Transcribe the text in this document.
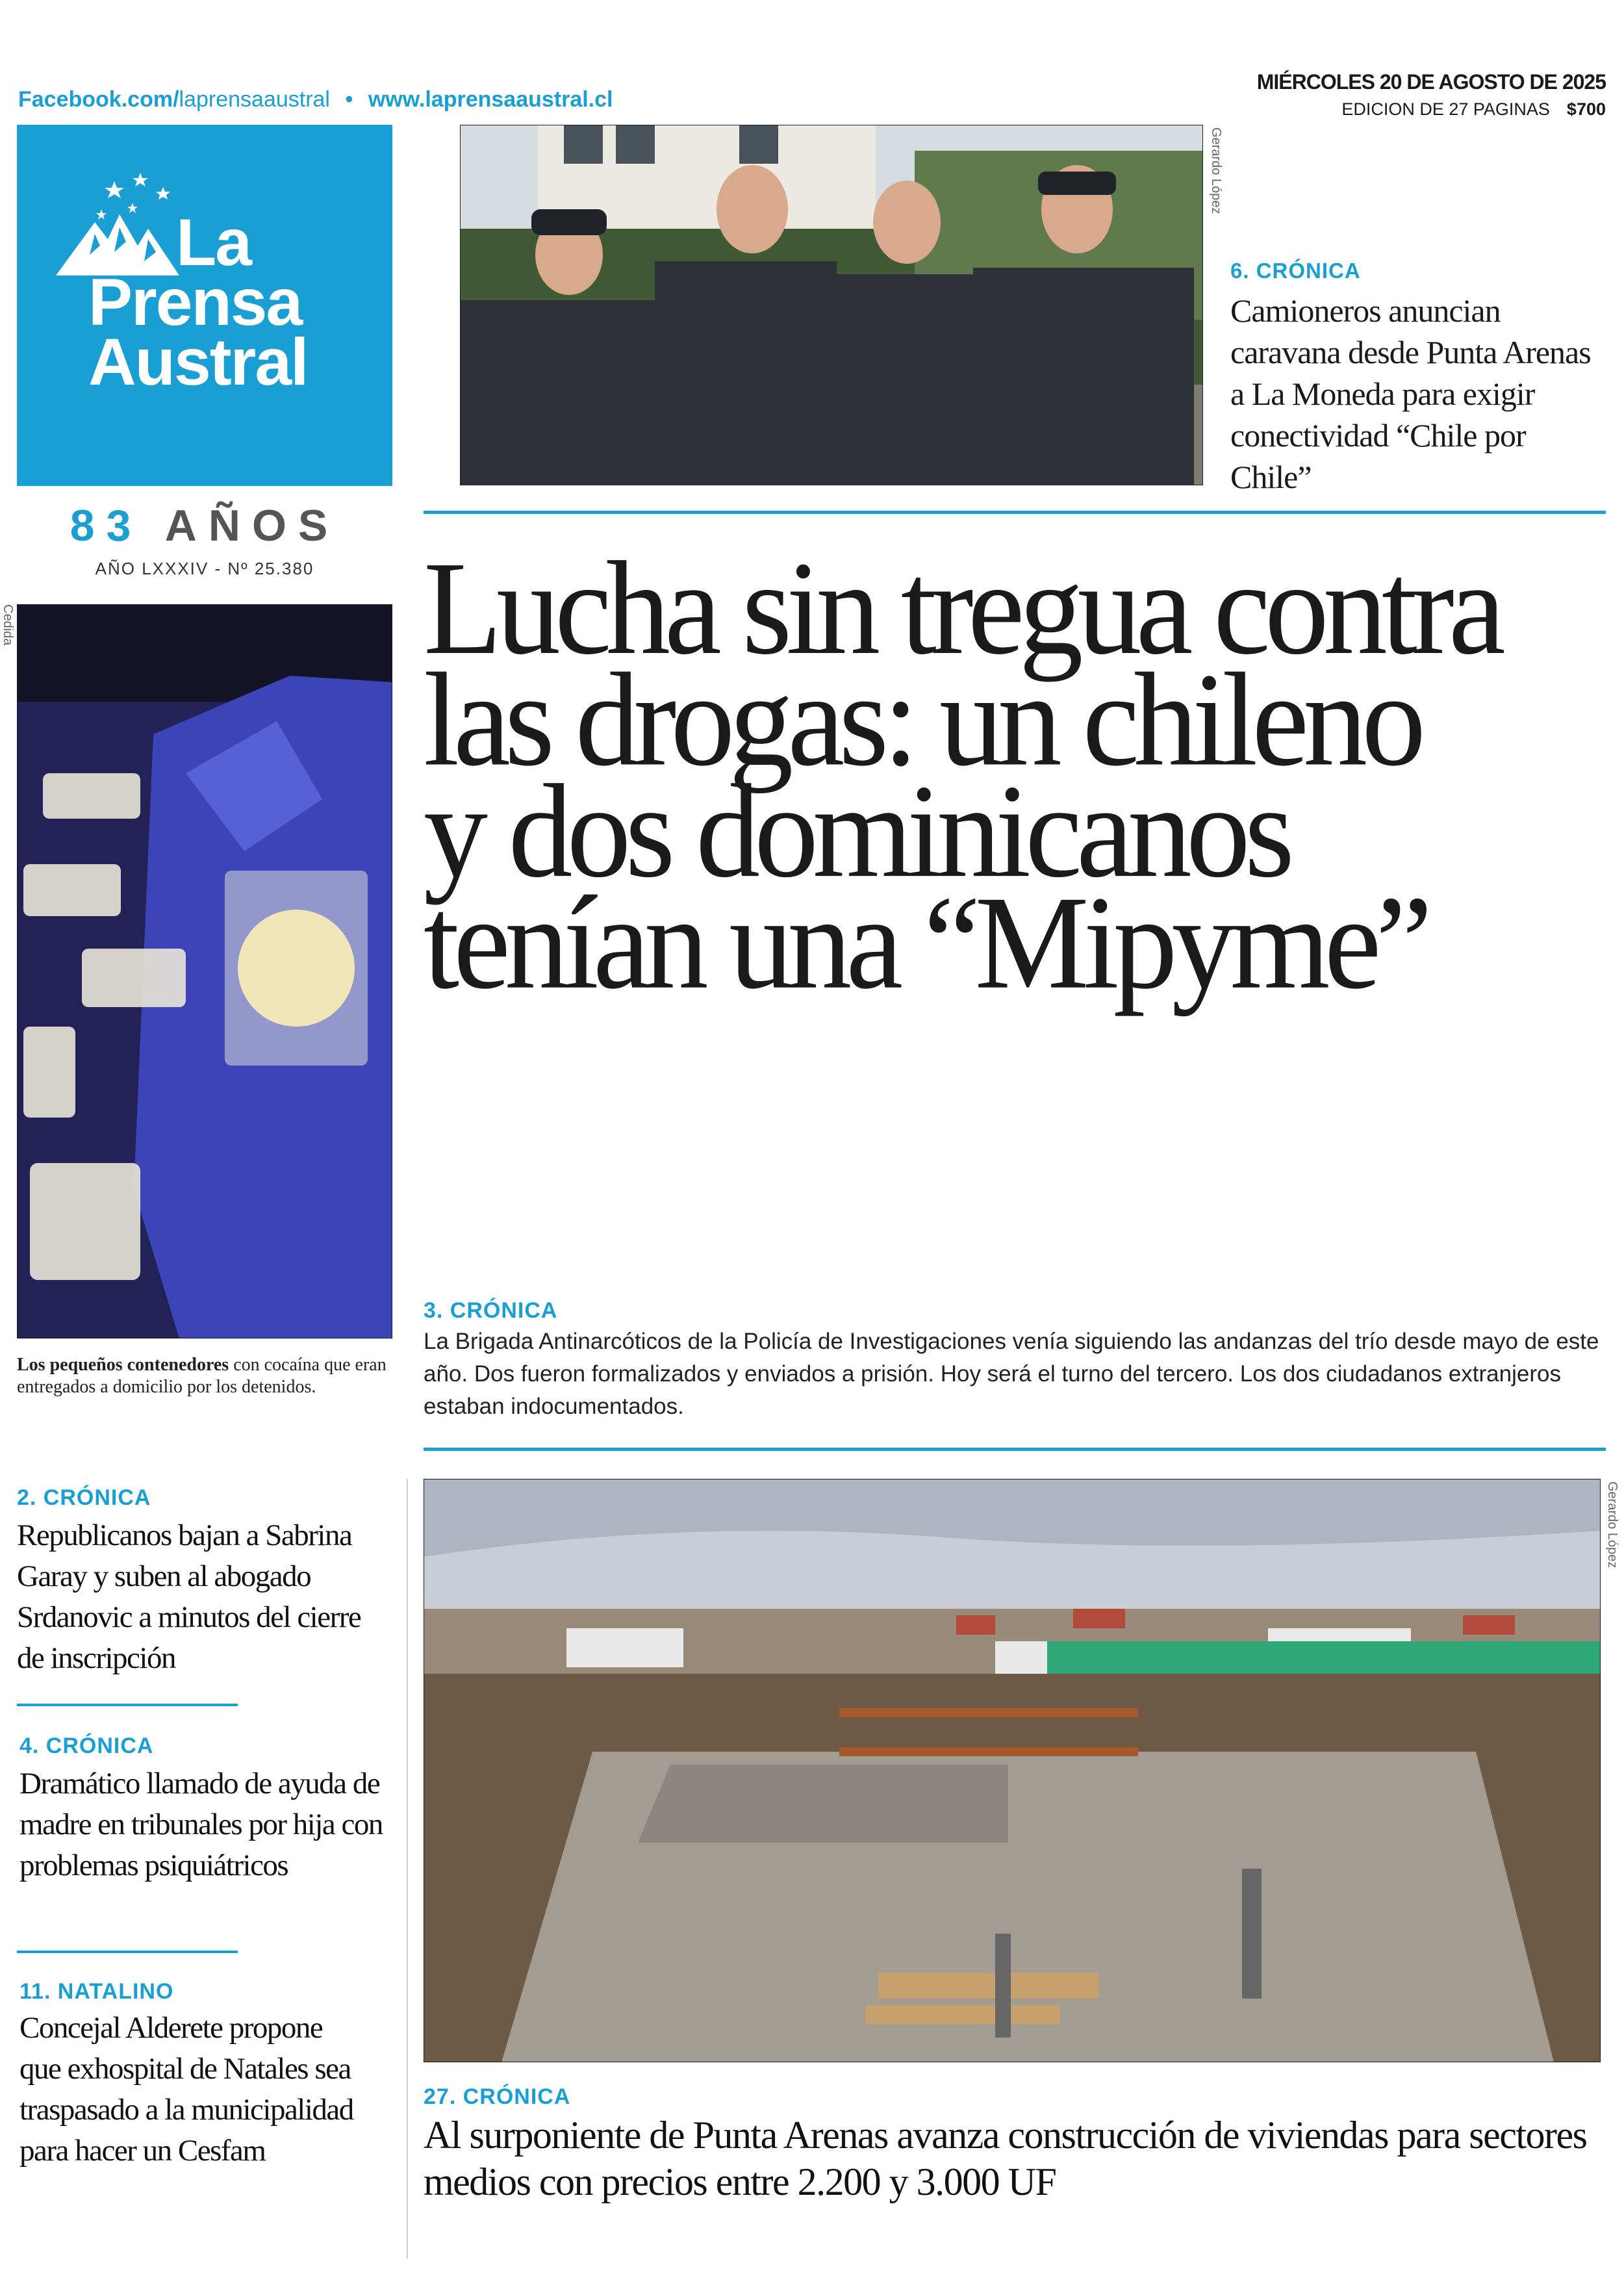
Facebook.com/laprensaaustral • www.laprensaaustral.cl
MIÉRCOLES 20 DE AGOSTO DE 2025
EDICION DE 27 PAGINAS $700
La
Prensa
Austral
83 AÑOS
AÑO LXXXIV - Nº 25.380
Gerardo López
6. CRÓNICA
Camioneros anuncian caravana desde Punta Arenas a La Moneda para exigir conectividad “Chile por Chile”
Cedida
Los pequeños contenedores con cocaína que eran entregados a domicilio por los detenidos.
Lucha sin tregua contra
las drogas: un chileno
y dos dominicanos
tenían una “Mipyme”
3. CRÓNICA
La Brigada Antinarcóticos de la Policía de Investigaciones venía siguiendo las andanzas del trío desde mayo de este año. Dos fueron formalizados y enviados a prisión. Hoy será el turno del tercero. Los dos ciudadanos extranjeros estaban indocumentados.
2. CRÓNICA
Republicanos bajan a Sabrina Garay y suben al abogado Srdanovic a minutos del cierre de inscripción
4. CRÓNICA
Dramático llamado de ayuda de madre en tribunales por hija con problemas psiquiátricos
11. NATALINO
Concejal Alderete propone que exhospital de Natales sea traspasado a la municipalidad para hacer un Cesfam
Gerardo López
27. CRÓNICA
Al surponiente de Punta Arenas avanza construcción de viviendas para sectores medios con precios entre 2.200 y 3.000 UF
